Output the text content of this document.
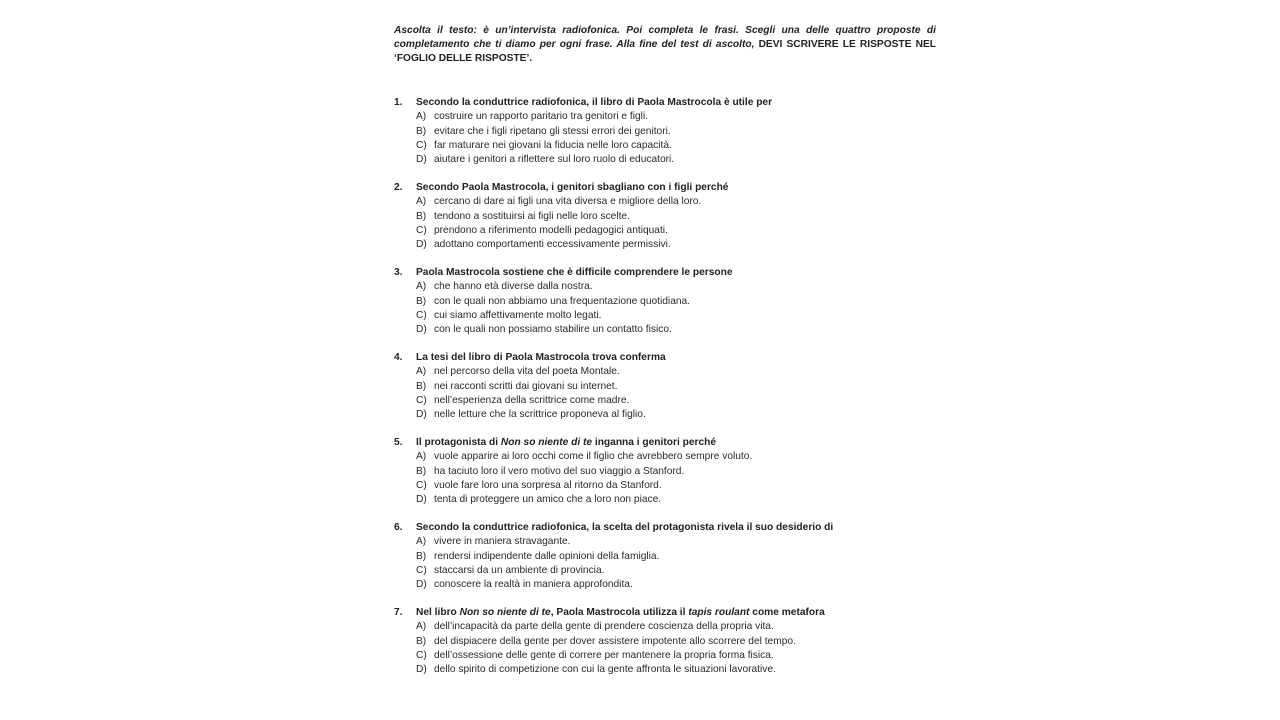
Ascolta il testo: è un’intervista radiofonica. Poi completa le frasi. Scegli una delle quattro proposte di completamento che ti diamo per ogni frase. Alla fine del test di ascolto, DEVI SCRIVERE LE RISPOSTE NEL ‘FOGLIO DELLE RISPOSTE’.
1.	Secondo la conduttrice radiofonica, il libro di Paola Mastrocola è utile per
A) costruire un rapporto paritario tra genitori e figli.
B) evitare che i figli ripetano gli stessi errori dei genitori.
C) far maturare nei giovani la fiducia nelle loro capacità.
D) aiutare i genitori a riflettere sul loro ruolo di educatori.
2.	Secondo Paola Mastrocola, i genitori sbagliano con i figli perché
A) cercano di dare ai figli una vita diversa e migliore della loro.
B) tendono a sostituirsi ai figli nelle loro scelte.
C) prendono a riferimento modelli pedagogici antiquati.
D) adottano comportamenti eccessivamente permissivi.
3.	Paola Mastrocola sostiene che è difficile comprendere le persone
A) che hanno età diverse dalla nostra.
B) con le quali non abbiamo una frequentazione quotidiana.
C) cui siamo affettivamente molto legati.
D) con le quali non possiamo stabilire un contatto fisico.
4.	La tesi del libro di Paola Mastrocola trova conferma
A) nel percorso della vita del poeta Montale.
B) nei racconti scritti dai giovani su internet.
C) nell’esperienza della scrittrice come madre.
D) nelle letture che la scrittrice proponeva al figlio.
5.	Il protagonista di Non so niente di te inganna i genitori perché
A) vuole apparire ai loro occhi come il figlio che avrebbero sempre voluto.
B) ha taciuto loro il vero motivo del suo viaggio a Stanford.
C) vuole fare loro una sorpresa al ritorno da Stanford.
D) tenta di proteggere un amico che a loro non piace.
6.	Secondo la conduttrice radiofonica, la scelta del protagonista rivela il suo desiderio di
A) vivere in maniera stravagante.
B) rendersi indipendente dalle opinioni della famiglia.
C) staccarsi da un ambiente di provincia.
D) conoscere la realtà in maniera approfondita.
7.	Nel libro Non so niente di te, Paola Mastrocola utilizza il tapis roulant come metafora
A) dell’incapacità da parte della gente di prendere coscienza della propria vita.
B) del dispiacere della gente per dover assistere impotente allo scorrere del tempo.
C) dell’ossessione delle gente di correre per mantenere la propria forma fisica.
D) dello spirito di competizione con cui la gente affronta le situazioni lavorative.
